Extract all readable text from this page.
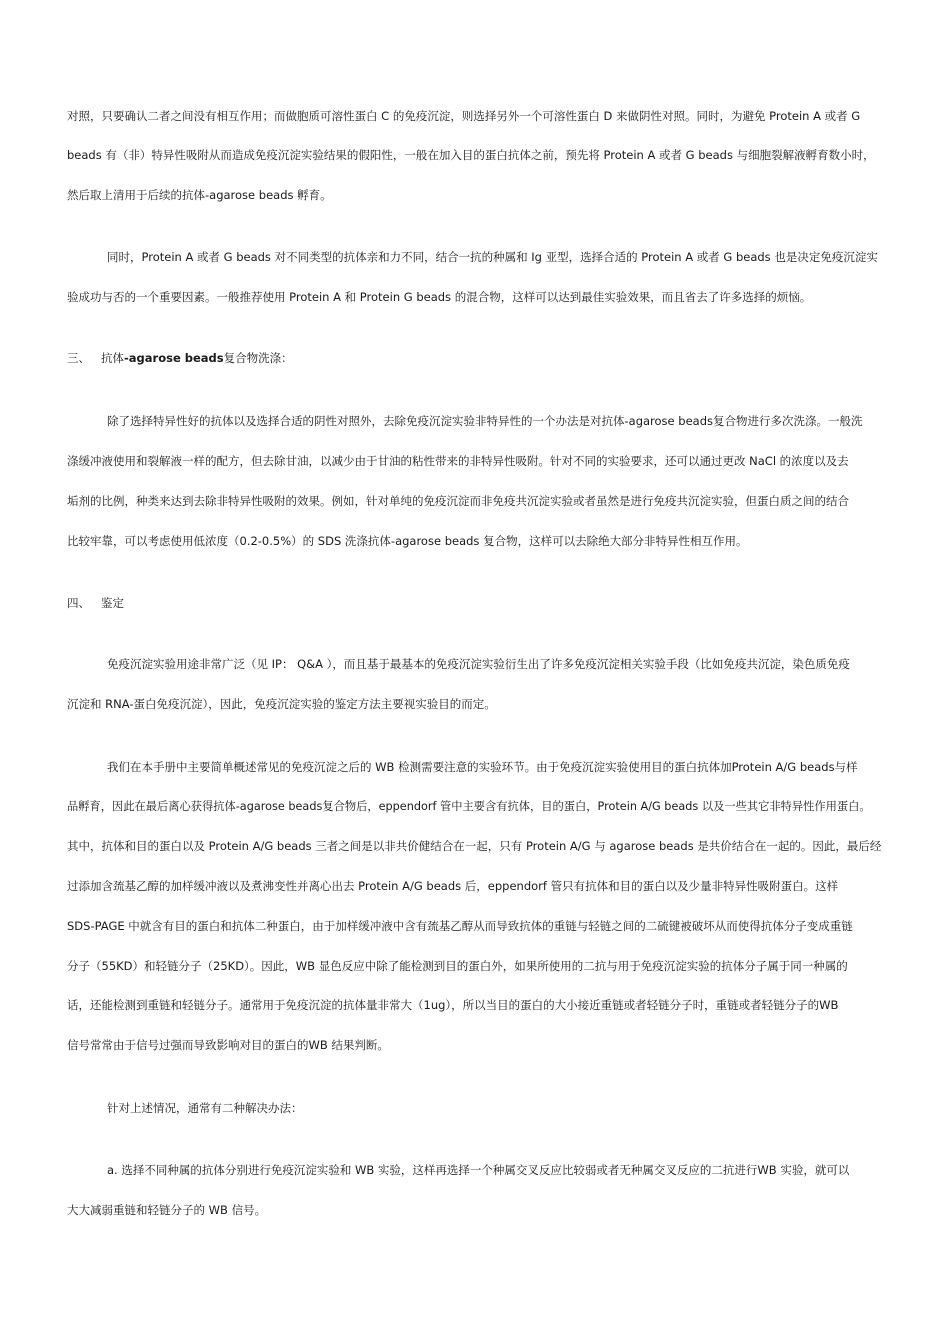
对照，只要确认二者之间没有相互作用；而做胞质可溶性蛋白 C 的免疫沉淀，则选择另外一个可溶性蛋白 D 来做阴性对照。同时，为避免 Protein A 或者 G
beads 有（非）特异性吸附从而造成免疫沉淀实验结果的假阳性，一般在加入目的蛋白抗体之前，预先将 Protein A 或者 G beads 与细胞裂解液孵育数小时，
然后取上清用于后续的抗体-agarose beads 孵育。
同时，Protein A 或者 G beads 对不同类型的抗体亲和力不同，结合一抗的种属和 Ig 亚型，选择合适的 Protein A 或者 G beads 也是决定免疫沉淀实
验成功与否的一个重要因素。一般推荐使用 Protein A 和 Protein G beads 的混合物，这样可以达到最佳实验效果，而且省去了许多选择的烦恼。
三、 抗体-agarose beads复合物洗涤：
除了选择特异性好的抗体以及选择合适的阴性对照外，去除免疫沉淀实验非特异性的一个办法是对抗体-agarose beads复合物进行多次洗涤。一般洗
涤缓冲液使用和裂解液一样的配方，但去除甘油，以减少由于甘油的粘性带来的非特异性吸附。针对不同的实验要求，还可以通过更改 NaCl 的浓度以及去
垢剂的比例，种类来达到去除非特异性吸附的效果。例如，针对单纯的免疫沉淀而非免疫共沉淀实验或者虽然是进行免疫共沉淀实验，但蛋白质之间的结合
比较牢靠，可以考虑使用低浓度（0.2-0.5%）的 SDS 洗涤抗体-agarose beads 复合物，这样可以去除绝大部分非特异性相互作用。
四、 鉴定
免疫沉淀实验用途非常广泛（见 IP： Q&A ），而且基于最基本的免疫沉淀实验衍生出了许多免疫沉淀相关实验手段（比如免疫共沉淀，染色质免疫
沉淀和 RNA-蛋白免疫沉淀），因此，免疫沉淀实验的鉴定方法主要视实验目的而定。
我们在本手册中主要简单概述常见的免疫沉淀之后的 WB 检测需要注意的实验环节。由于免疫沉淀实验使用目的蛋白抗体加Protein A/G beads与样
品孵育，因此在最后离心获得抗体-agarose beads复合物后，eppendorf 管中主要含有抗体，目的蛋白，Protein A/G beads 以及一些其它非特异性作用蛋白。
其中，抗体和目的蛋白以及 Protein A/G beads 三者之间是以非共价健结合在一起，只有 Protein A/G 与 agarose beads 是共价结合在一起的。因此，最后经
过添加含巯基乙醇的加样缓冲液以及煮沸变性并离心出去 Protein A/G beads 后，eppendorf 管只有抗体和目的蛋白以及少量非特异性吸附蛋白。这样
SDS-PAGE 中就含有目的蛋白和抗体二种蛋白，由于加样缓冲液中含有巯基乙醇从而导致抗体的重链与轻链之间的二硫键被破坏从而使得抗体分子变成重链
分子（55KD）和轻链分子（25KD）。因此，WB 显色反应中除了能检测到目的蛋白外，如果所使用的二抗与用于免疫沉淀实验的抗体分子属于同一种属的
话，还能检测到重链和轻链分子。通常用于免疫沉淀的抗体量非常大（1ug），所以当目的蛋白的大小接近重链或者轻链分子时，重链或者轻链分子的WB
信号常常由于信号过强而导致影响对目的蛋白的WB 结果判断。
针对上述情况，通常有二种解决办法：
a. 选择不同种属的抗体分别进行免疫沉淀实验和 WB 实验，这样再选择一个种属交叉反应比较弱或者无种属交叉反应的二抗进行WB 实验，就可以
大大减弱重链和轻链分子的 WB 信号。
